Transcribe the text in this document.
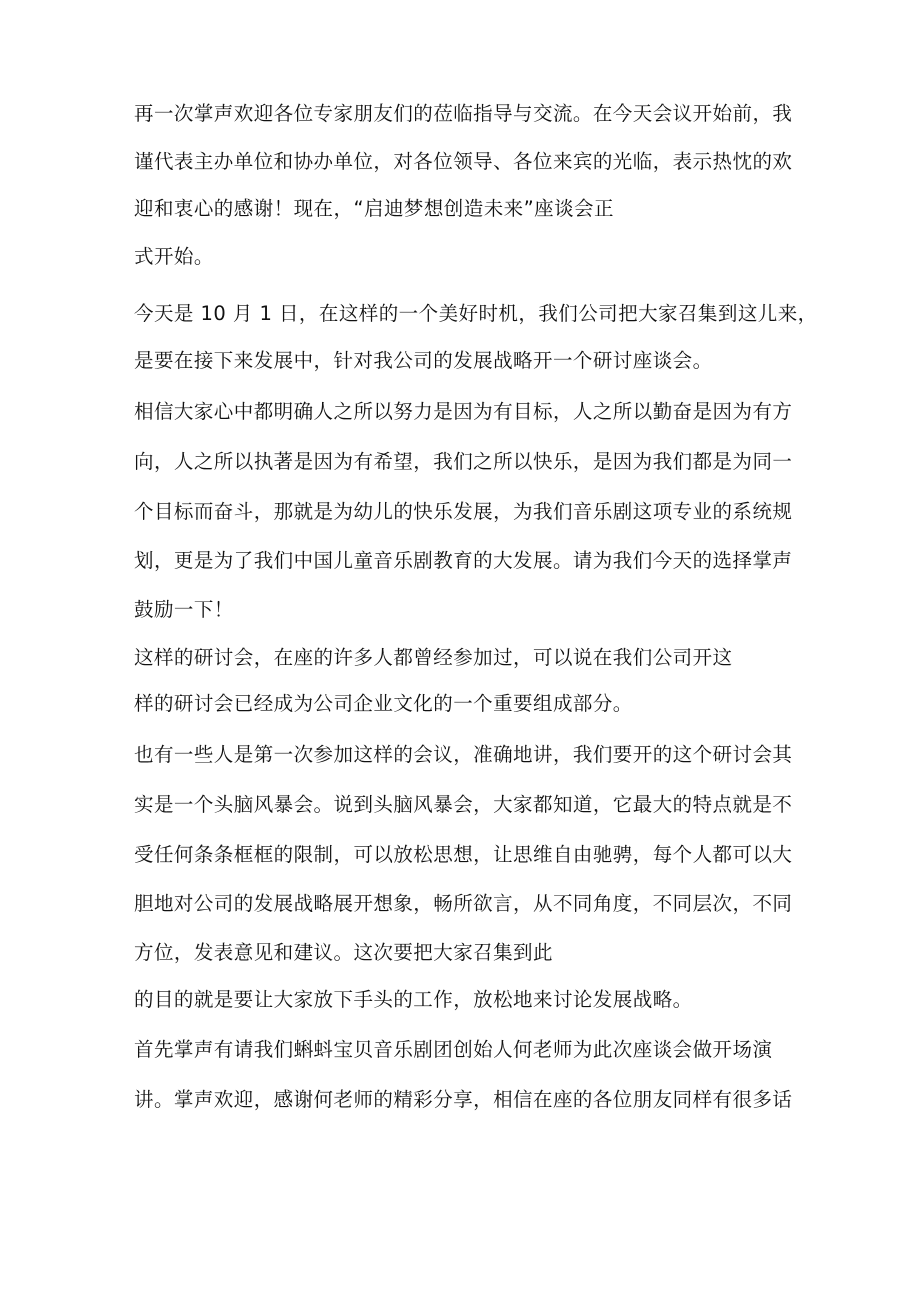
再一次掌声欢迎各位专家朋友们的莅临指导与交流。在今天会议开始前，我
谨代表主办单位和协办单位，对各位领导、各位来宾的光临，表示热忱的欢
迎和衷心的感谢！现在，“启迪梦想创造未来”座谈会正
式开始。
今天是 10 月 1 日，在这样的一个美好时机，我们公司把大家召集到这儿来，
是要在接下来发展中，针对我公司的发展战略开一个研讨座谈会。
相信大家心中都明确人之所以努力是因为有目标，人之所以勤奋是因为有方
向，人之所以执著是因为有希望，我们之所以快乐，是因为我们都是为同一
个目标而奋斗，那就是为幼儿的快乐发展，为我们音乐剧这项专业的系统规
划，更是为了我们中国儿童音乐剧教育的大发展。请为我们今天的选择掌声
鼓励一下！
这样的研讨会，在座的许多人都曾经参加过，可以说在我们公司开这
样的研讨会已经成为公司企业文化的一个重要组成部分。
也有一些人是第一次参加这样的会议，准确地讲，我们要开的这个研讨会其
实是一个头脑风暴会。说到头脑风暴会，大家都知道，它最大的特点就是不
受任何条条框框的限制，可以放松思想，让思维自由驰骋，每个人都可以大
胆地对公司的发展战略展开想象，畅所欲言，从不同角度，不同层次，不同
方位，发表意见和建议。这次要把大家召集到此
的目的就是要让大家放下手头的工作，放松地来讨论发展战略。
首先掌声有请我们蝌蚪宝贝音乐剧团创始人何老师为此次座谈会做开场演
讲。掌声欢迎，感谢何老师的精彩分享，相信在座的各位朋友同样有很多话
